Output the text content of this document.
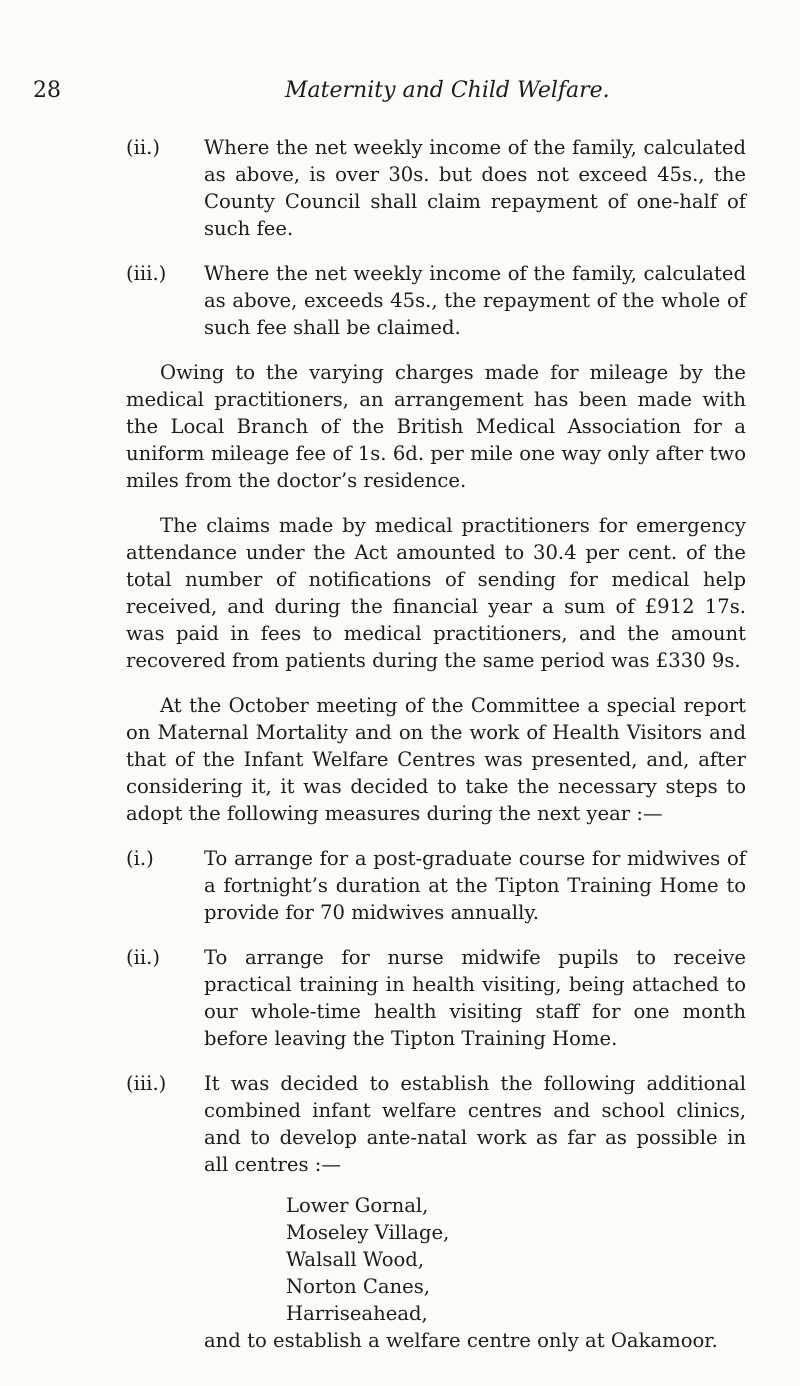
28	Maternity and Child Welfare.
(ii.) Where the net weekly income of the family, calculated as above, is over 30s. but does not exceed 45s., the County Council shall claim repayment of one-half of such fee.
(iii.) Where the net weekly income of the family, calculated as above, exceeds 45s., the repayment of the whole of such fee shall be claimed.

Owing to the varying charges made for mileage by the medical practitioners, an arrangement has been made with the Local Branch of the British Medical Association for a uniform mileage fee of 1s. 6d. per mile one way only after two miles from the doctor’s residence.

The claims made by medical practitioners for emergency attendance under the Act amounted to 30.4 per cent. of the total number of notifications of sending for medical help received, and during the financial year a sum of £912 17s. was paid in fees to medical practitioners, and the amount recovered from patients during the same period was £330 9s.

At the October meeting of the Committee a special report on Maternal Mortality and on the work of Health Visitors and that of the Infant Welfare Centres was presented, and, after considering it, it was decided to take the necessary steps to adopt the following measures during the next year :—

(i.)	To arrange for a post-graduate course for midwives of a fortnight’s duration at the Tipton Training Home to provide for 70 midwives annually.
(ii.) To arrange for nurse midwife pupils to receive practical training in health visiting, being attached to our whole-time health visiting staff for one month before leaving the Tipton Training Home.
(iii.) It was decided to establish the following additional combined infant welfare centres and school clinics, and to develop ante-natal work as far as possible in all centres :—
Lower Gornal,
Moseley Village,
Walsall Wood,
Norton Canes,
Harriseahead,
and to establish a welfare centre only at Oakamoor.
